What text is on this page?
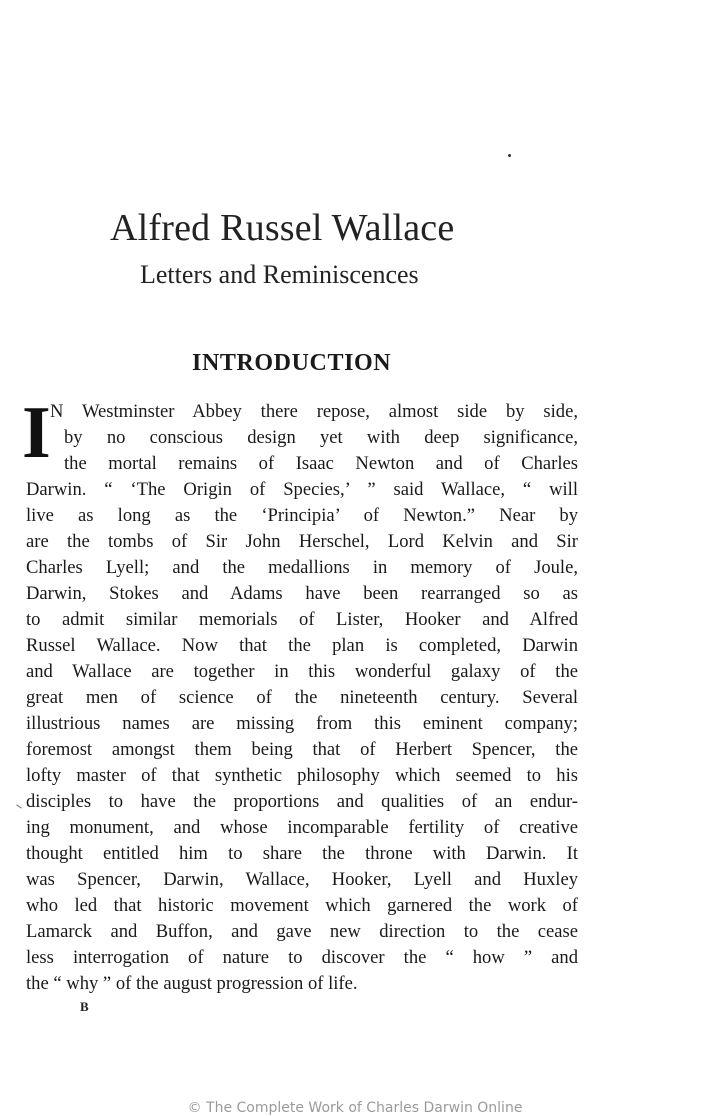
Alfred Russel Wallace
Letters and Reminiscences
INTRODUCTION
I N Westminster Abbey there repose, almost side by side,
by no conscious design yet with deep significance,
the mortal remains of Isaac Newton and of Charles
Darwin. “ ‘The Origin of Species,’ ” said Wallace, “ will
live as long as the ‘Principia’ of Newton.” Near by
are the tombs of Sir John Herschel, Lord Kelvin and Sir
Charles Lyell; and the medallions in memory of Joule,
Darwin, Stokes and Adams have been rearranged so as
to admit similar memorials of Lister, Hooker and Alfred
Russel Wallace. Now that the plan is completed, Darwin
and Wallace are together in this wonderful galaxy of the
great men of science of the nineteenth century. Several
illustrious names are missing from this eminent company;
foremost amongst them being that of Herbert Spencer, the
lofty master of that synthetic philosophy which seemed to his
disciples to have the proportions and qualities of an endur-
ing monument, and whose incomparable fertility of creative
thought entitled him to share the throne with Darwin. It
was Spencer, Darwin, Wallace, Hooker, Lyell and Huxley
who led that historic movement which garnered the work of
Lamarck and Buffon, and gave new direction to the cease
less interrogation of nature to discover the “ how ” and
the “ why ” of the august progression of life.
B
© The Complete Work of Charles Darwin Online
